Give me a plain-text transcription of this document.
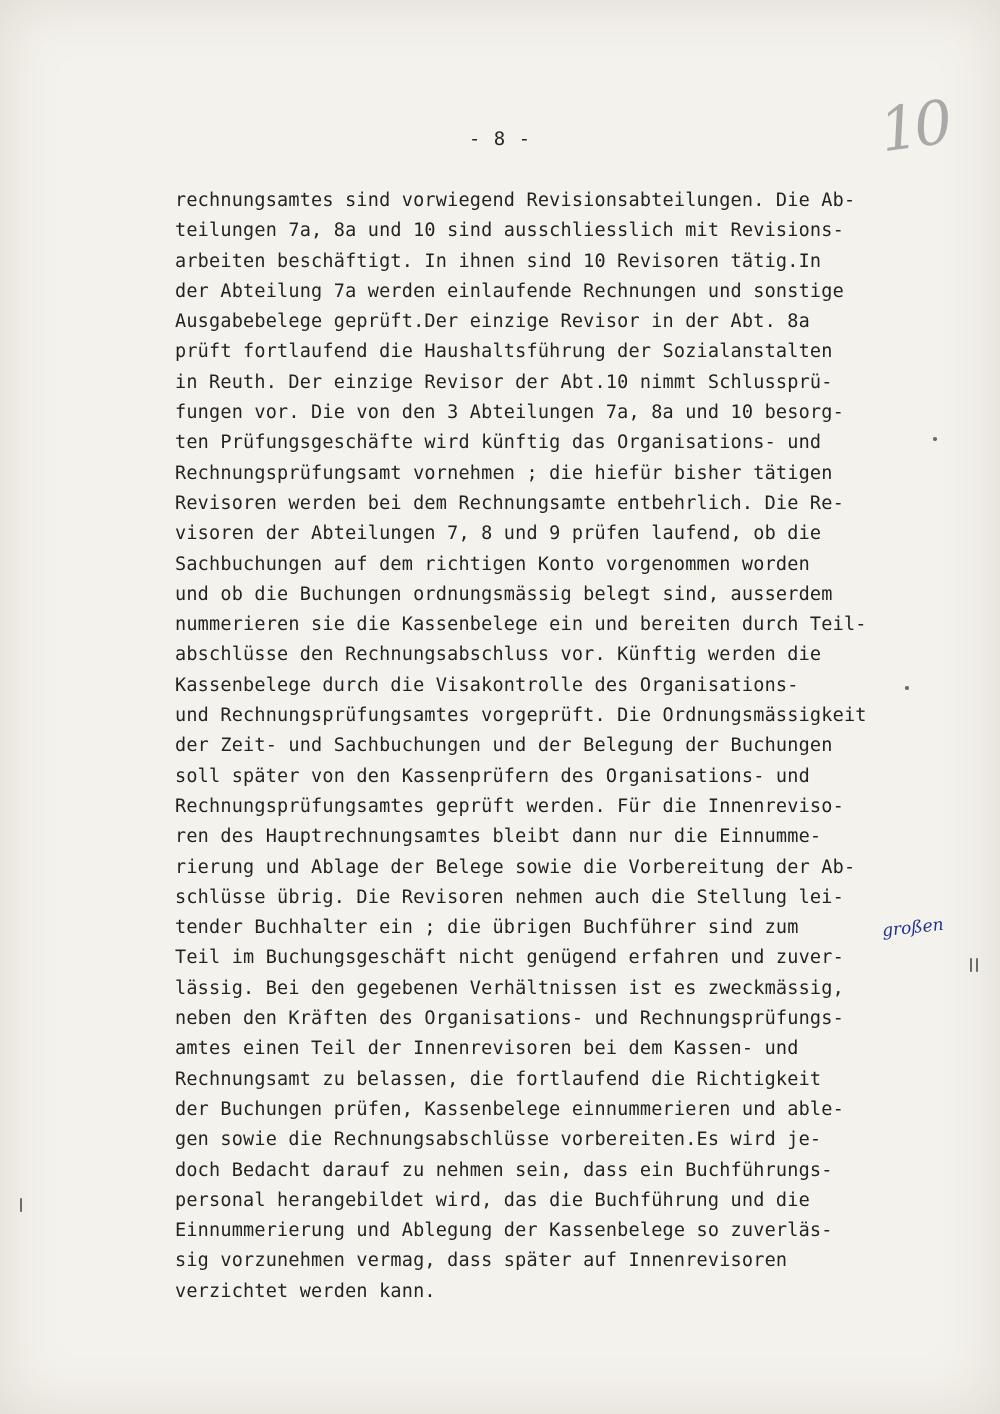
- 8 -	10
rechnungsamtes sind vorwiegend Revisionsabteilungen. Die Ab-
teilungen 7a, 8a und 10 sind ausschliesslich mit Revisions-
arbeiten beschäftigt. In ihnen sind 10 Revisoren tätig.In
der Abteilung 7a werden einlaufende Rechnungen und sonstige
Ausgabebelege geprüft.Der einzige Revisor in der Abt. 8a
prüft fortlaufend die Haushaltsführung der Sozialanstalten
in Reuth. Der einzige Revisor der Abt.10 nimmt Schlussprü-
fungen vor. Die von den 3 Abteilungen 7a, 8a und 10 besorg-
ten Prüfungsgeschäfte wird künftig das Organisations- und
Rechnungsprüfungsamt vornehmen ; die hiefür bisher tätigen
Revisoren werden bei dem Rechnungsamte entbehrlich. Die Re-
visoren der Abteilungen 7, 8 und 9 prüfen laufend, ob die
Sachbuchungen auf dem richtigen Konto vorgenommen worden
und ob die Buchungen ordnungsmässig belegt sind, ausserdem
nummerieren sie die Kassenbelege ein und bereiten durch Teil-
abschlüsse den Rechnungsabschluss vor. Künftig werden die
Kassenbelege durch die Visakontrolle des Organisations-
und Rechnungsprüfungsamtes vorgeprüft. Die Ordnungsmässigkeit
der Zeit- und Sachbuchungen und der Belegung der Buchungen
soll später von den Kassenprüfern des Organisations- und
Rechnungsprüfungsamtes geprüft werden. Für die Innenreviso-
ren des Hauptrechnungsamtes bleibt dann nur die Einnumme-
rierung und Ablage der Belege sowie die Vorbereitung der Ab-
schlüsse übrig. Die Revisoren nehmen auch die Stellung lei-
tender Buchhalter ein ; die übrigen Buchführer sind zum
Teil im Buchungsgeschäft nicht genügend erfahren und zuver-
lässig. Bei den gegebenen Verhältnissen ist es zweckmässig,
neben den Kräften des Organisations- und Rechnungsprüfungs-
amtes einen Teil der Innenrevisoren bei dem Kassen- und
Rechnungsamt zu belassen, die fortlaufend die Richtigkeit
der Buchungen prüfen, Kassenbelege einnummerieren und able-
gen sowie die Rechnungsabschlüsse vorbereiten.Es wird je-
doch Bedacht darauf zu nehmen sein, dass ein Buchführungs-
personal herangebildet wird, das die Buchführung und die
Einnummerierung und Ablegung der Kassenbelege so zuverläs-
sig vorzunehmen vermag, dass später auf Innenrevisoren
verzichtet werden kann.
großen
